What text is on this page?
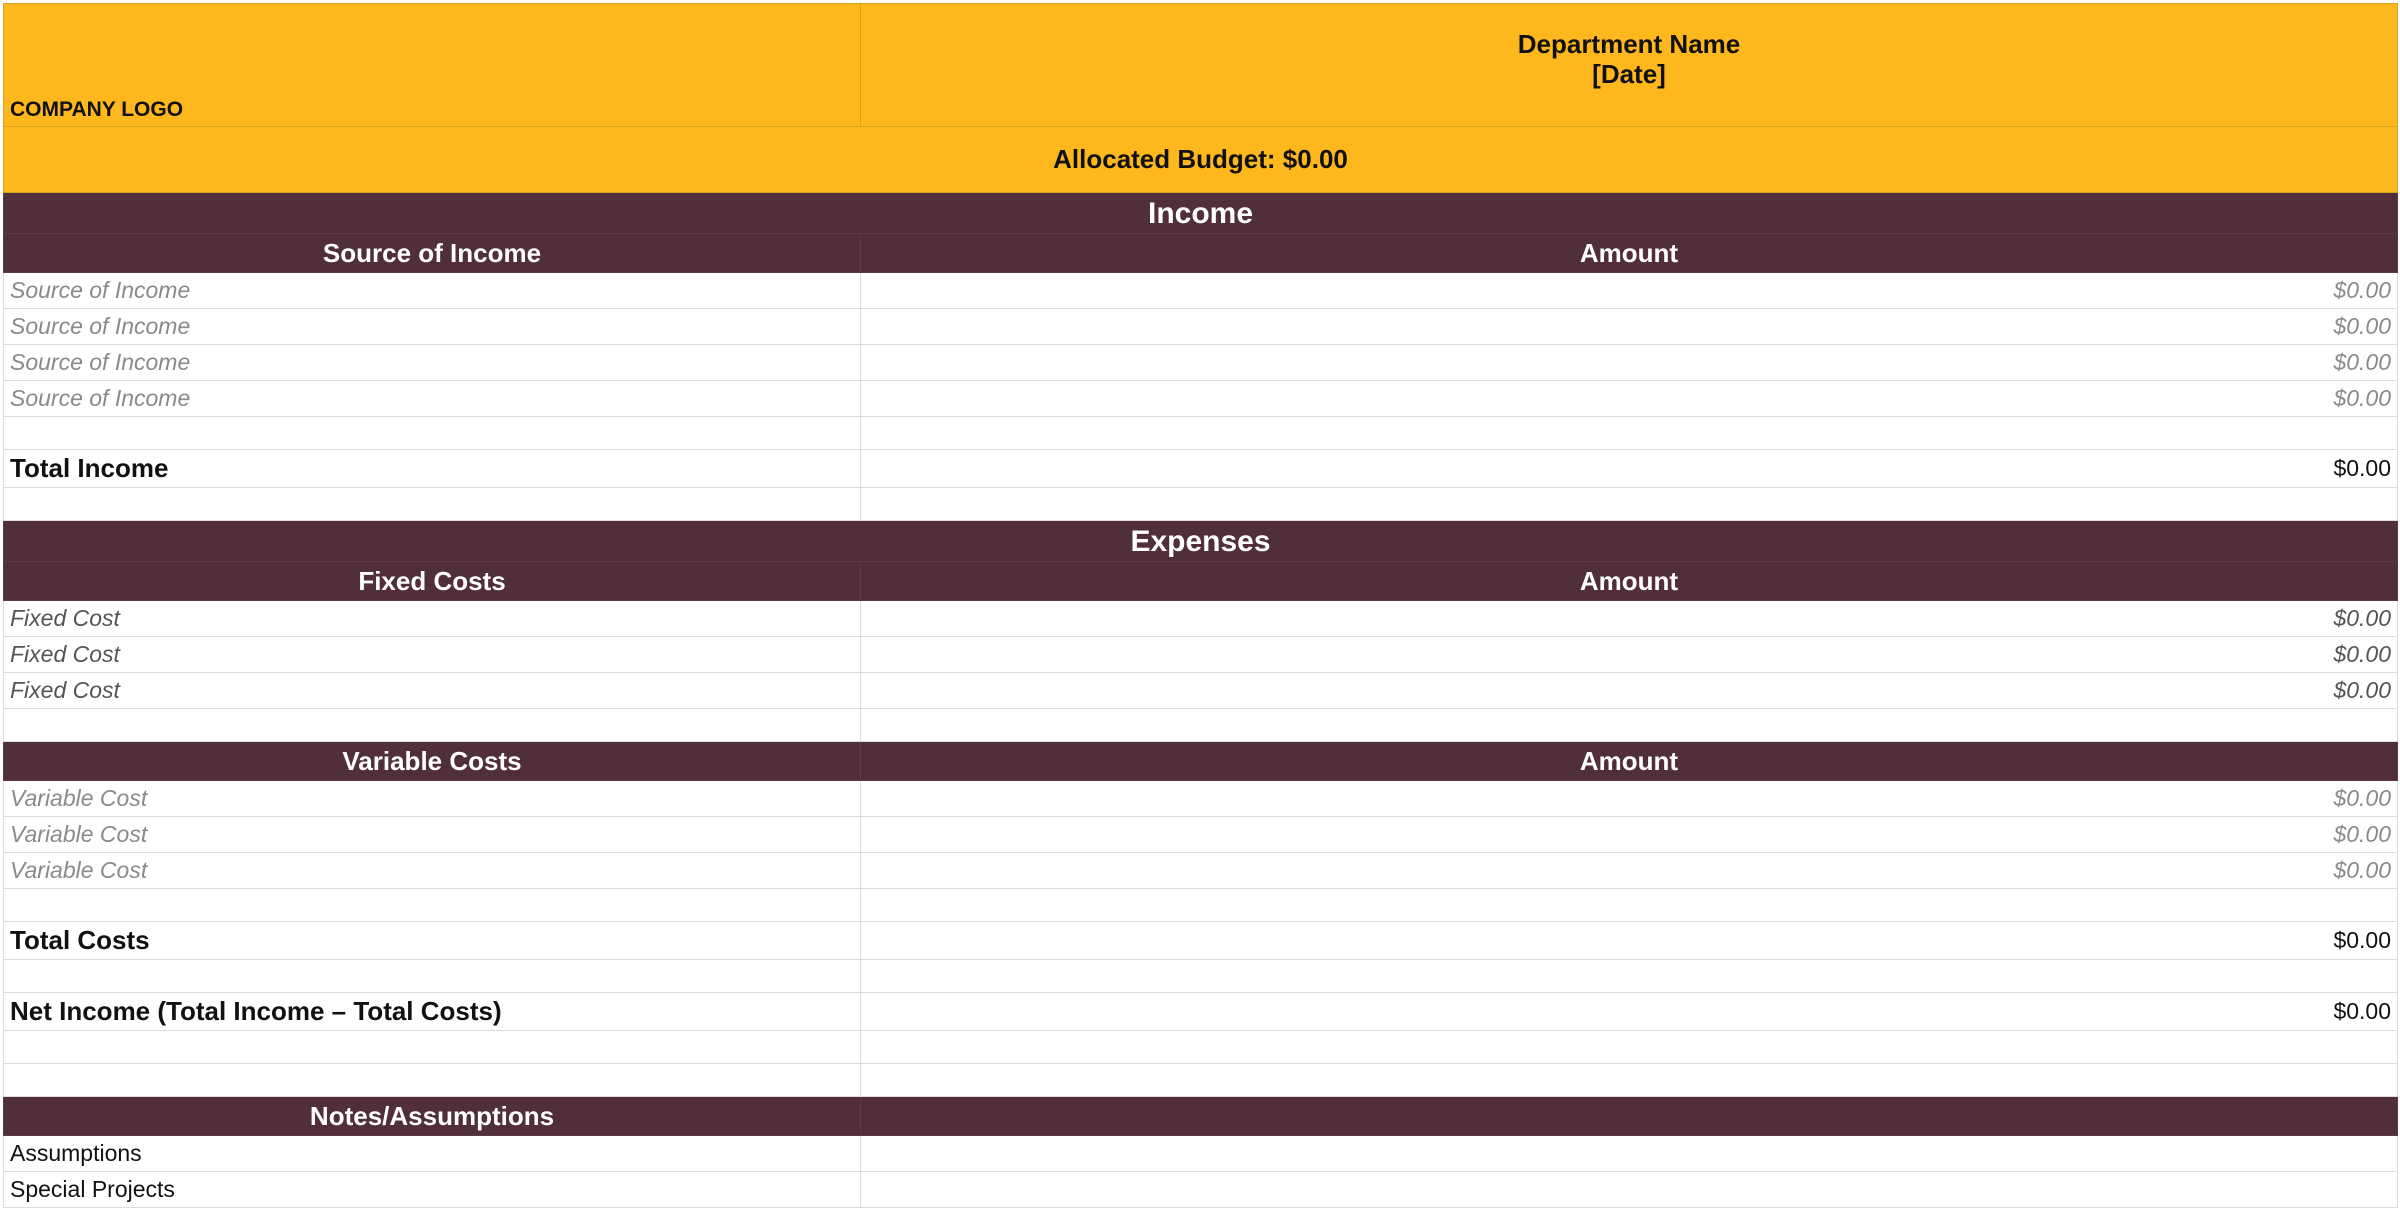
COMPANY LOGO	Department Name
[Date]

Allocated Budget: $0.00	
Income	
Source of Income	Amount
Source of Income	$0.00
Source of Income	$0.00
Source of Income	$0.00
Source of Income	$0.00

Total Income	$0.00

Expenses	
Fixed Costs	Amount
Fixed Cost	$0.00
Fixed Cost	$0.00
Fixed Cost	$0.00

Variable Costs	Amount
Variable Cost	$0.00
Variable Cost	$0.00
Variable Cost	$0.00

Total Costs	$0.00

Net Income (Total Income – Total Costs)	$0.00

Notes/Assumptions	
Assumptions	
Special Projects	
